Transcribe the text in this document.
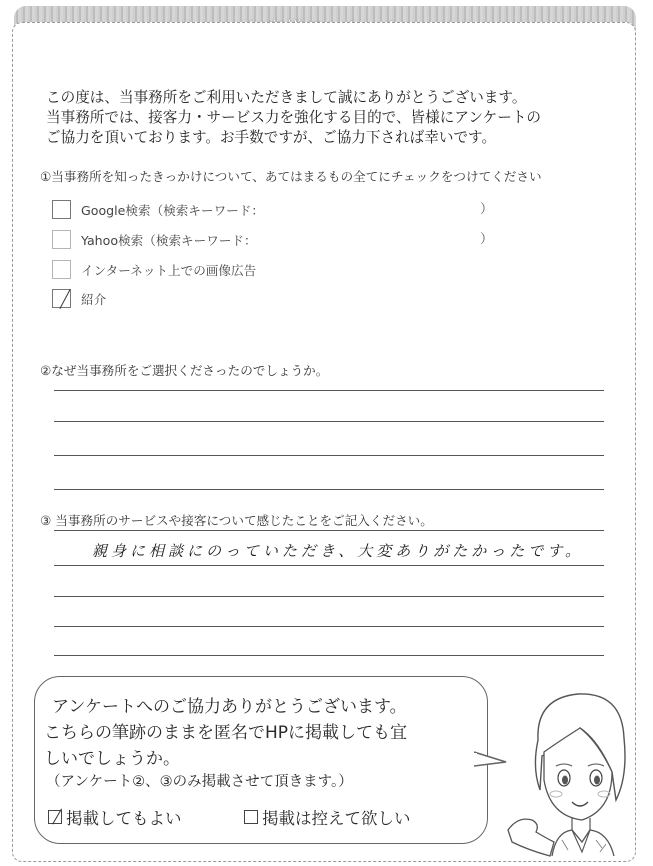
この度は、当事務所をご利用いただきまして誠にありがとうございます。
当事務所では、接客力・サービス力を強化する目的で、皆様にアンケートの
ご協力を頂いております。お手数ですが、ご協力下されば幸いです。
①当事務所を知ったきっかけについて、あてはまるもの全てにチェックをつけてください
Google検索（検索キーワード：	）
Yahoo検索（検索キーワード：	）
インターネット上での画像広告
紹介
②なぜ当事務所をご選択くださったのでしょうか。
③ 当事務所のサービスや接客について感じたことをご記入ください。
親身に相談にのっていただき、大変ありがたかったです。
アンケートへのご協力ありがとうございます。
こちらの筆跡のままを匿名でHPに掲載しても宜
しいでしょうか。
（アンケート②、③のみ掲載させて頂きます。）
掲載してもよい	掲載は控えて欲しい
